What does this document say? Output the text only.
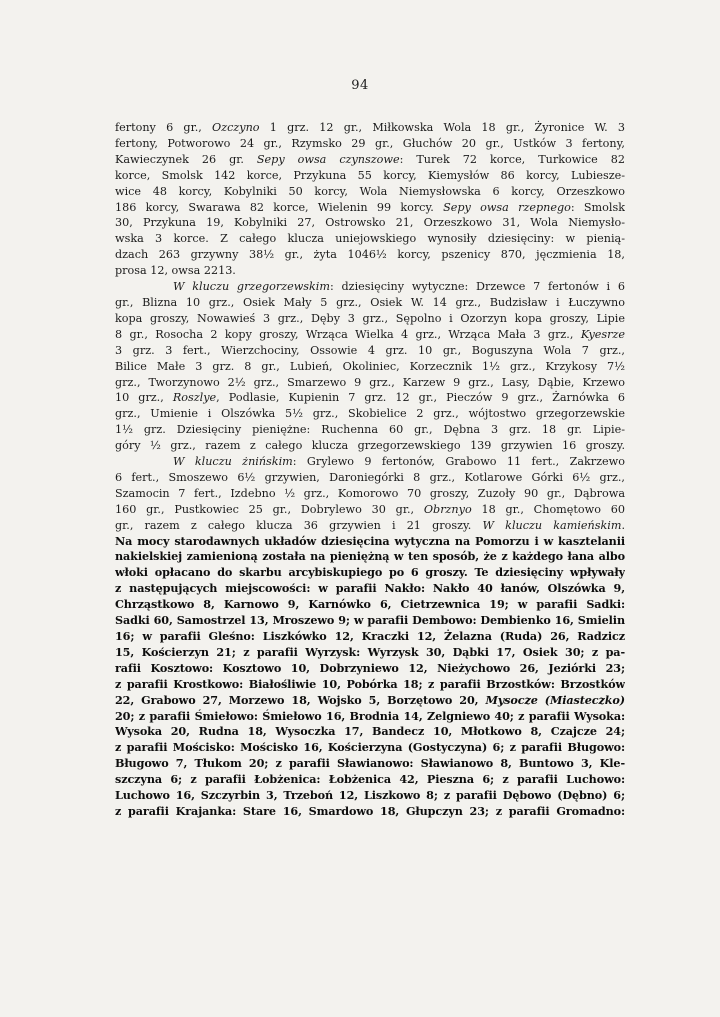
94
fertony 6 gr., Ozczyno 1 grz. 12 gr., Miłkowska Wola 18 gr., Żyronice W. 3
fertony, Potworowo 24 gr., Rzymsko 29 gr., Głuchów 20 gr., Ustków 3 fertony,
Kawieczynek 26 gr. Sepy owsa czynszowe: Turek 72 korce, Turkowice 82
korce, Smolsk 142 korce, Przykuna 55 korcy, Kiemysłów 86 korcy, Lubiesze-
wice 48 korcy, Kobylniki 50 korcy, Wola Niemysłowska 6 korcy, Orzeszkowo
186 korcy, Swarawa 82 korce, Wielenin 99 korcy. Sepy owsa rzepnego: Smolsk
30, Przykuna 19, Kobylniki 27, Ostrowsko 21, Orzeszkowo 31, Wola Niemysło-
wska 3 korce. Z całego klucza uniejowskiego wynosiły dziesięciny: w pienią-
dzach 263 grzywny 38½ gr., żyta 1046½ korcy, pszenicy 870, jęczmienia 18,
prosa 12, owsa 2213.
W kluczu grzegorzewskim: dziesięciny wytyczne: Drzewce 7 fertonów i 6
gr., Blizna 10 grz., Osiek Mały 5 grz., Osiek W. 14 grz., Budzisław i Łuczywno
kopa groszy, Nowawieś 3 grz., Dęby 3 grz., Sępolno i Ozorzyn kopa groszy, Lipie
8 gr., Rosocha 2 kopy groszy, Wrząca Wielka 4 grz., Wrząca Mała 3 grz., Kyesrze
3 grz. 3 fert., Wierzchociny, Ossowie 4 grz. 10 gr., Boguszyna Wola 7 grz.,
Bilice Małe 3 grz. 8 gr., Lubień, Okoliniec, Korzecznik 1½ grz., Krzykosy 7½
grz., Tworzynowo 2½ grz., Smarzewo 9 grz., Karzew 9 grz., Lasy, Dąbie, Krzewo
10 grz., Roszlye, Podlasie, Kupienin 7 grz. 12 gr., Pieczów 9 grz., Żarnówka 6
grz., Umienie i Olszówka 5½ grz., Skobielice 2 grz., wójtostwo grzegorzewskie
1½ grz. Dziesięciny pieniężne: Ruchenna 60 gr., Dębna 3 grz. 18 gr. Lipie-
góry ½ grz., razem z całego klucza grzegorzewskiego 139 grzywien 16 groszy.
W kluczu żnińskim: Grylewo 9 fertonów, Grabowo 11 fert., Zakrzewo
6 fert., Smoszewo 6½ grzywien, Daroniegórki 8 grz., Kotlarowe Górki 6½ grz.,
Szamocin 7 fert., Izdebno ½ grz., Komorowo 70 groszy, Zuzoły 90 gr., Dąbrowa
160 gr., Pustkowiec 25 gr., Dobrylewo 30 gr., Obrznyo 18 gr., Chomętowo 60
gr., razem z całego klucza 36 grzywien i 21 groszy. W kluczu kamieńskim.
Na mocy starodawnych układów dziesięcina wytyczna na Pomorzu i w kasztelanii
nakielskiej zamienioną została na pieniężną w ten sposób, że z każdego łana albo
włoki opłacano do skarbu arcybiskupiego po 6 groszy. Te dziesięciny wpływały
z następujących miejscowości: w parafii Nakło: Nakło 40 łanów, Olszówka 9,
Chrząstkowo 8, Karnowo 9, Karnówko 6, Cietrzewnica 19; w parafii Sadki:
Sadki 60, Samostrzel 13, Mroszewo 9; w parafii Dembowo: Dembienko 16, Smielin
16; w parafii Gleśno: Liszkówko 12, Kraczki 12, Żelazna (Ruda) 26, Radzicz
15, Kościerzyn 21; z parafii Wyrzysk: Wyrzysk 30, Dąbki 17, Osiek 30; z pa-
rafii Kosztowo: Kosztowo 10, Dobrzyniewo 12, Nieżychowo 26, Jeziórki 23;
z parafii Krostkowo: Białośliwie 10, Pobórka 18; z parafii Brzostków: Brzostków
22, Grabowo 27, Morzewo 18, Wojsko 5, Borzętowo 20, Mysocze (Miasteczko)
20; z parafii Śmiełowo: Śmiełowo 16, Brodnia 14, Zelgniewo 40; z parafii Wysoka:
Wysoka 20, Rudna 18, Wysoczka 17, Bandecz 10, Młotkowo 8, Czajcze 24;
z parafii Mościsko: Mościsko 16, Kościerzyna (Gostyczyna) 6; z parafii Bługowo:
Bługowo 7, Tłukom 20; z parafii Sławianowo: Sławianowo 8, Buntowo 3, Kle-
szczyna 6; z parafii Łobżenica: Łobżenica 42, Pieszna 6; z parafii Luchowo:
Luchowo 16, Szczyrbin 3, Trzeboń 12, Liszkowo 8; z parafii Dębowo (Dębno) 6;
z parafii Krajanka: Stare 16, Smardowo 18, Głupczyn 23; z parafii Gromadno:
